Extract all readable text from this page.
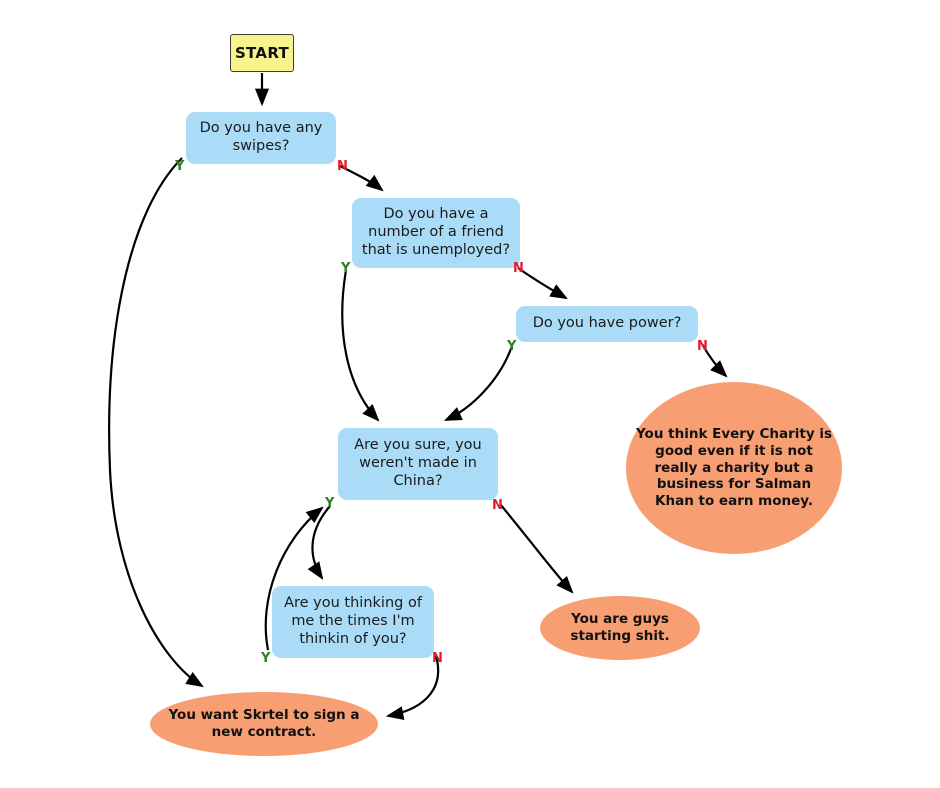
START
Do you have any swipes?
Do you have a number of a friend that is unemployed?
Do you have power?
Are you sure, you weren't made in China?
Are you thinking of me the times I'm thinkin of you?
You think Every Charity is good even if it is not really a charity but a business for Salman Khan to earn money.
You are guys starting shit.
You want Skrtel to sign a new contract.
Y	N
Y	N
Y	N
Y	N
Y	N
